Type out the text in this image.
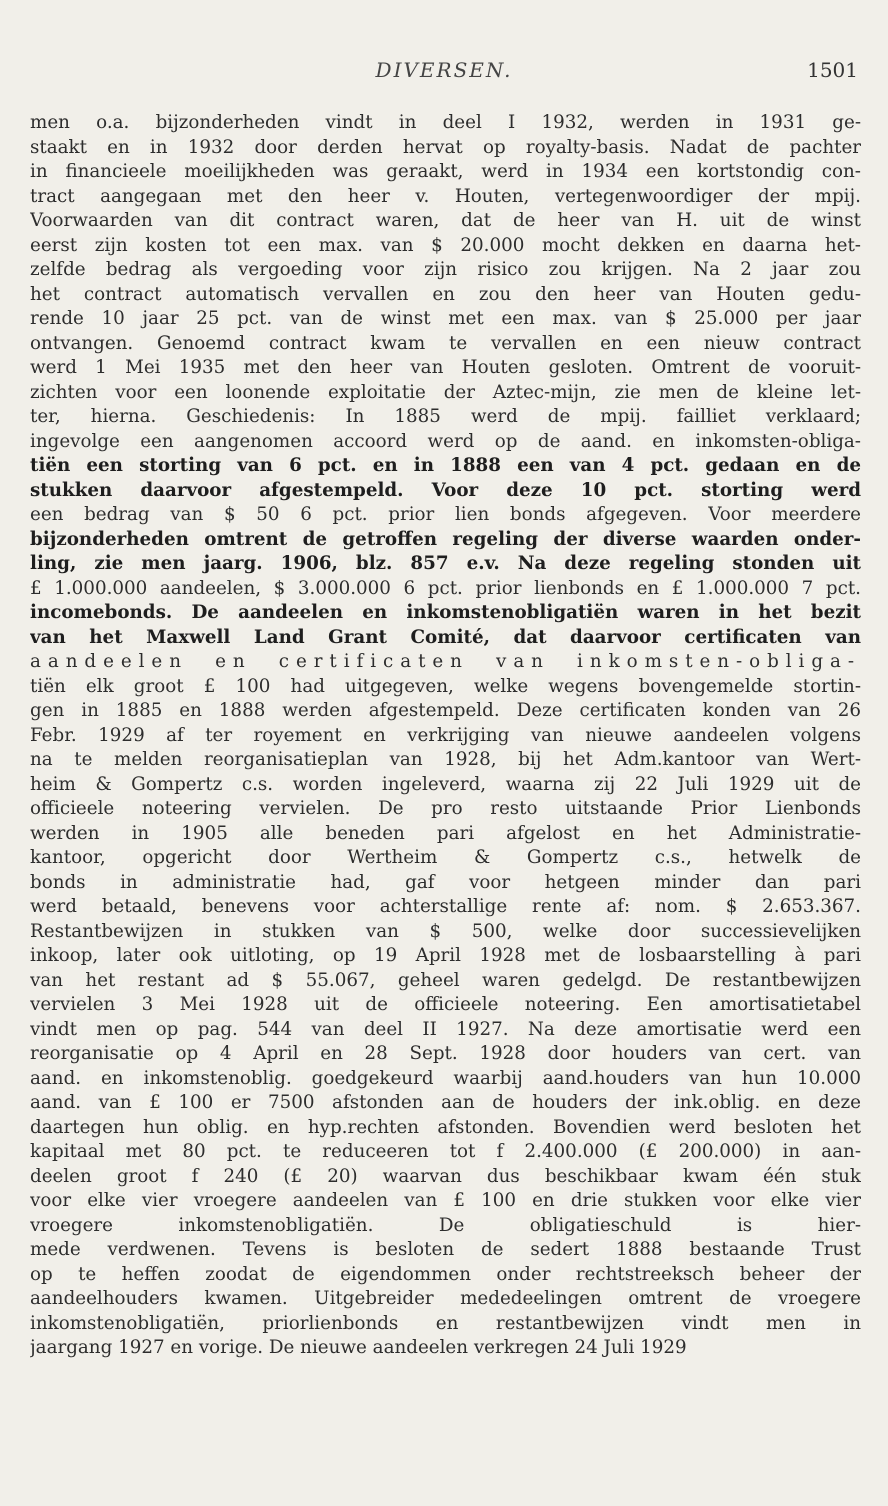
DIVERSEN.	1501
men o.a. bijzonderheden vindt in deel I 1932, werden in 1931 ge-
staakt en in 1932 door derden hervat op royalty-basis. Nadat de pachter
in financieele moeilijkheden was geraakt, werd in 1934 een kortstondig con-
tract aangegaan met den heer v. Houten, vertegenwoordiger der mpij.
Voorwaarden van dit contract waren, dat de heer van H. uit de winst
eerst zijn kosten tot een max. van $ 20.000 mocht dekken en daarna het-
zelfde bedrag als vergoeding voor zijn risico zou krijgen. Na 2 jaar zou
het contract automatisch vervallen en zou den heer van Houten gedu-
rende 10 jaar 25 pct. van de winst met een max. van $ 25.000 per jaar
ontvangen. Genoemd contract kwam te vervallen en een nieuw contract
werd 1 Mei 1935 met den heer van Houten gesloten. Omtrent de vooruit-
zichten voor een loonende exploitatie der Aztec-mijn, zie men de kleine let-
ter, hierna. Geschiedenis: In 1885 werd de mpij. failliet verklaard;
ingevolge een aangenomen accoord werd op de aand. en inkomsten-obliga-
tiën een storting van 6 pct. en in 1888 een van 4 pct. gedaan en de
stukken daarvoor afgestempeld. Voor deze 10 pct. storting werd
een bedrag van $ 50 6 pct. prior lien bonds afgegeven. Voor meerdere
bijzonderheden omtrent de getroffen regeling der diverse waarden onder-
ling, zie men jaarg. 1906, blz. 857 e.v. Na deze regeling stonden uit
£ 1.000.000 aandeelen, $ 3.000.000 6 pct. prior lienbonds en £ 1.000.000 7 pct.
incomebonds. De aandeelen en inkomstenobligatiën waren in het bezit
van het Maxwell Land Grant Comité, dat daarvoor certificaten van
aandeelen en certificaten van inkomsten-obliga-
tiën elk groot £ 100 had uitgegeven, welke wegens bovengemelde stortin-
gen in 1885 en 1888 werden afgestempeld. Deze certificaten konden van 26
Febr. 1929 af ter royement en verkrijging van nieuwe aandeelen volgens
na te melden reorganisatieplan van 1928, bij het Adm.kantoor van Wert-
heim & Gompertz c.s. worden ingeleverd, waarna zij 22 Juli 1929 uit de
officieele noteering vervielen. De pro resto uitstaande Prior Lienbonds
werden in 1905 alle beneden pari afgelost en het Administratie-
kantoor, opgericht door Wertheim & Gompertz c.s., hetwelk de
bonds in administratie had, gaf voor hetgeen minder dan pari
werd betaald, benevens voor achterstallige rente af: nom. $ 2.653.367.
Restantbewijzen in stukken van $ 500, welke door successievelijken
inkoop, later ook uitloting, op 19 April 1928 met de losbaarstelling à pari
van het restant ad $ 55.067, geheel waren gedelgd. De restantbewijzen
vervielen 3 Mei 1928 uit de officieele noteering. Een amortisatietabel
vindt men op pag. 544 van deel II 1927. Na deze amortisatie werd een
reorganisatie op 4 April en 28 Sept. 1928 door houders van cert. van
aand. en inkomstenoblig. goedgekeurd waarbij aand.houders van hun 10.000
aand. van £ 100 er 7500 afstonden aan de houders der ink.oblig. en deze
daartegen hun oblig. en hyp.rechten afstonden. Bovendien werd besloten het
kapitaal met 80 pct. te reduceeren tot f 2.400.000 (£ 200.000) in aan-
deelen groot f 240 (£ 20) waarvan dus beschikbaar kwam één stuk
voor elke vier vroegere aandeelen van £ 100 en drie stukken voor elke vier
vroegere inkomstenobligatiën. De obligatieschuld is hier-
mede verdwenen. Tevens is besloten de sedert 1888 bestaande Trust
op te heffen zoodat de eigendommen onder rechtstreeksch beheer der
aandeelhouders kwamen. Uitgebreider mededeelingen omtrent de vroegere
inkomstenobligatiën, priorlienbonds en restantbewijzen vindt men in
jaargang 1927 en vorige. De nieuwe aandeelen verkregen 24 Juli 1929
